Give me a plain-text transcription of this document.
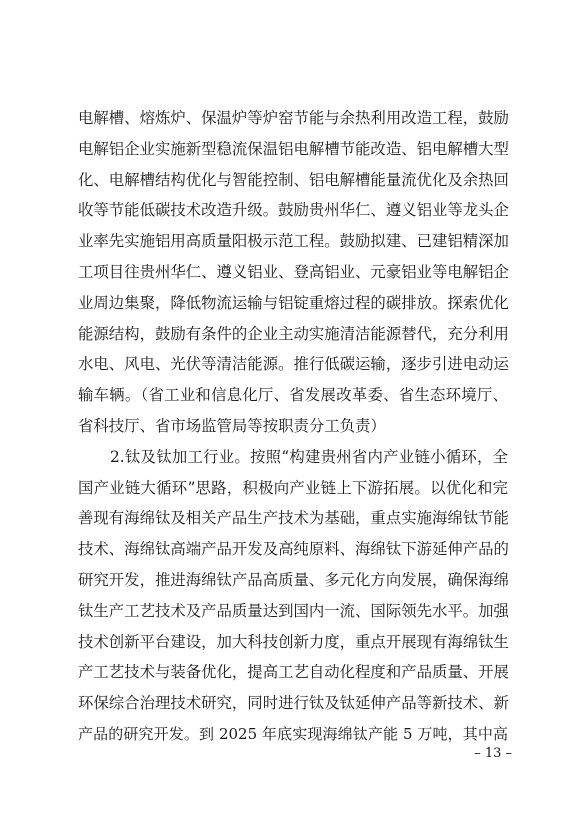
电解槽、熔炼炉、保温炉等炉窑节能与余热利用改造工程，鼓励
电解铝企业实施新型稳流保温铝电解槽节能改造、铝电解槽大型
化、电解槽结构优化与智能控制、铝电解槽能量流优化及余热回
收等节能低碳技术改造升级。鼓励贵州华仁、遵义铝业等龙头企
业率先实施铝用高质量阳极示范工程。鼓励拟建、已建铝精深加
工项目往贵州华仁、遵义铝业、登高铝业、元豪铝业等电解铝企
业周边集聚，降低物流运输与铝锭重熔过程的碳排放。探索优化
能源结构，鼓励有条件的企业主动实施清洁能源替代，充分利用
水电、风电、光伏等清洁能源。推行低碳运输，逐步引进电动运
输车辆。（省工业和信息化厅、省发展改革委、省生态环境厅、
省科技厅、省市场监管局等按职责分工负责）
2.钛及钛加工行业。按照“构建贵州省内产业链小循环，全
国产业链大循环”思路，积极向产业链上下游拓展。以优化和完
善现有海绵钛及相关产品生产技术为基础，重点实施海绵钛节能
技术、海绵钛高端产品开发及高纯原料、海绵钛下游延伸产品的
研究开发，推进海绵钛产品高质量、多元化方向发展，确保海绵
钛生产工艺技术及产品质量达到国内一流、国际领先水平。加强
技术创新平台建设，加大科技创新力度，重点开展现有海绵钛生
产工艺技术与装备优化，提高工艺自动化程度和产品质量、开展
环保综合治理技术研究，同时进行钛及钛延伸产品等新技术、新
产品的研究开发。到 2025 年底实现海绵钛产能 5 万吨，其中高
– 13 –
